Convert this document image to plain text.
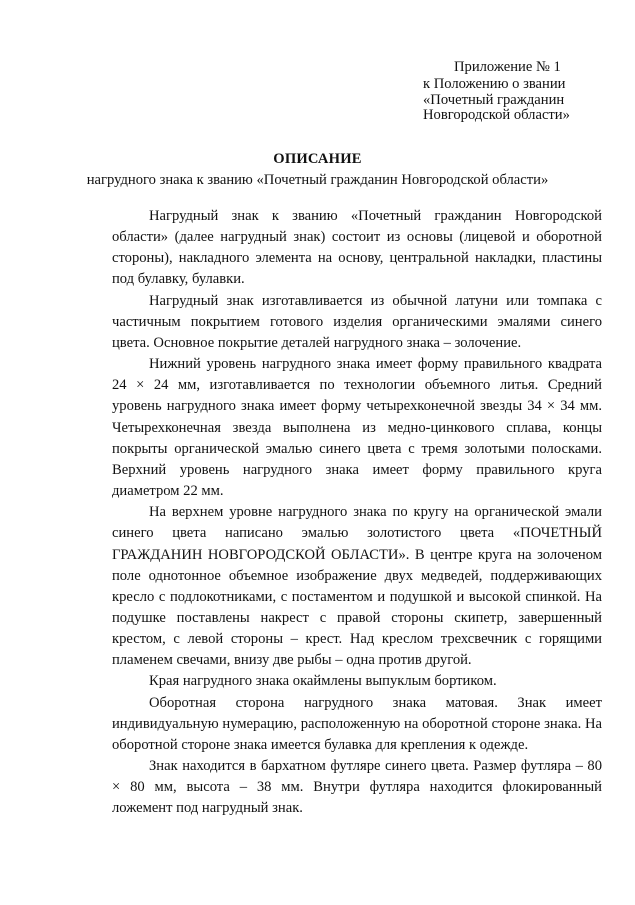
Приложение № 1
к Положению о звании
«Почетный гражданин
Новгородской области»
ОПИСАНИЕ
нагрудного знака к званию «Почетный гражданин Новгородской области»

Нагрудный знак к званию «Почетный гражданин Новгородской области» (далее нагрудный знак) состоит из основы (лицевой и оборотной стороны), накладного элемента на основу, центральной накладки, пластины под булавку, булавки.

Нагрудный знак изготавливается из обычной латуни или томпака с частичным покрытием готового изделия органическими эмалями синего цвета. Основное покрытие деталей нагрудного знака – золочение.

Нижний уровень нагрудного знака имеет форму правильного квадрата 24 × 24 мм, изготавливается по технологии объемного литья. Средний уровень нагрудного знака имеет форму четырехконечной звезды 34 × 34 мм. Четырехконечная звезда выполнена из медно-цинкового сплава, концы покрыты органической эмалью синего цвета с тремя золотыми полосками. Верхний уровень нагрудного знака имеет форму правильного круга диаметром 22 мм.

На верхнем уровне нагрудного знака по кругу на органической эмали синего цвета написано эмалью золотистого цвета «ПОЧЕТНЫЙ ГРАЖДАНИН НОВГОРОДСКОЙ ОБЛАСТИ». В центре круга на золоченом поле однотонное объемное изображение двух медведей, поддерживающих кресло с подлокотниками, с постаментом и подушкой и высокой спинкой. На подушке поставлены накрест с правой стороны скипетр, завершенный крестом, с левой стороны – крест. Над креслом трехсвечник с горящими пламенем свечами, внизу две рыбы – одна против другой.

Края нагрудного знака окаймлены выпуклым бортиком.

Оборотная сторона нагрудного знака матовая. Знак имеет индивидуальную нумерацию, расположенную на оборотной стороне знака. На оборотной стороне знака имеется булавка для крепления к одежде.

Знак находится в бархатном футляре синего цвета. Размер футляра – 80 × 80 мм, высота – 38 мм. Внутри футляра находится флокированный ложемент под нагрудный знак.
